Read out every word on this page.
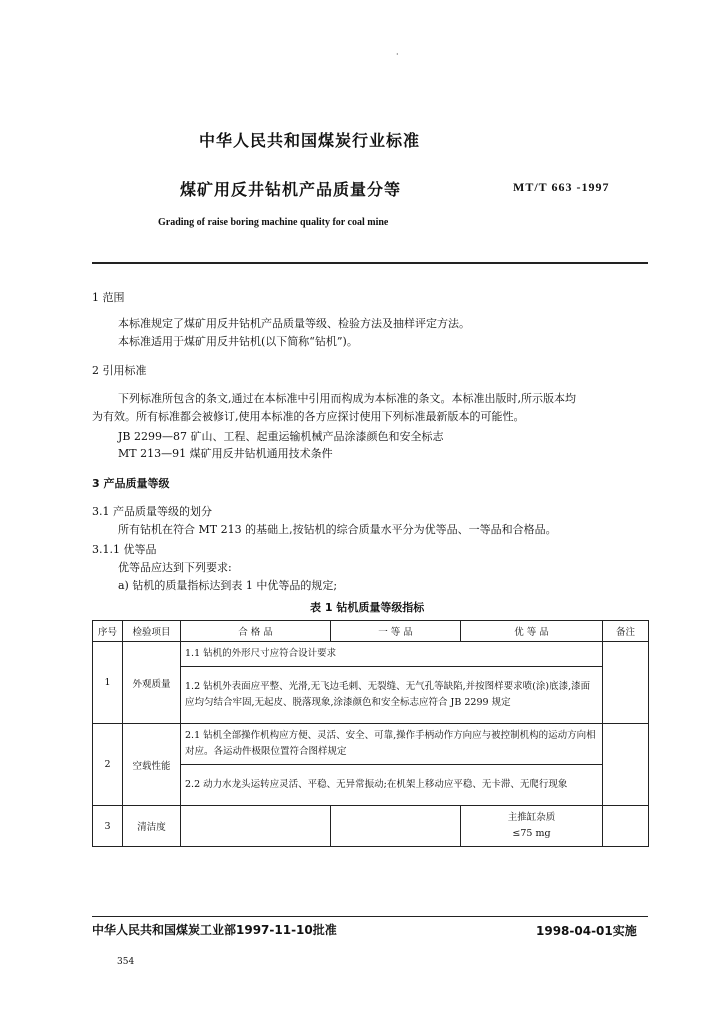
·
中华人民共和国煤炭行业标准
煤矿用反井钻机产品质量分等	MT/T 663 -1997
Grading of raise boring machine quality for coal mine
1 范围
本标准规定了煤矿用反井钻机产品质量等级、检验方法及抽样评定方法。
本标准适用于煤矿用反井钻机(以下简称“钻机”)。
2 引用标准
下列标准所包含的条文,通过在本标准中引用而构成为本标准的条文。本标准出版时,所示版本均
为有效。所有标准都会被修订,使用本标准的各方应探讨使用下列标准最新版本的可能性。
JB 2299—87 矿山、工程、起重运输机械产品涂漆颜色和安全标志
MT 213—91 煤矿用反井钻机通用技术条件
3 产品质量等级
3.1 产品质量等级的划分
所有钻机在符合 MT 213 的基础上,按钻机的综合质量水平分为优等品、一等品和合格品。
3.1.1 优等品
优等品应达到下列要求:
a) 钻机的质量指标达到表 1 中优等品的规定;
表 1 钻机质量等级指标
序号	检验项目	合 格 品	一 等 品	优 等 品	备注
1	外观质量	1.1 钻机的外形尺寸应符合设计要求			
		1.2 钻机外表面应平整、光滑,无飞边毛刺、无裂缝、无气孔等缺陷,并按图样要求喷(涂)底漆,漆面应均匀结合牢固,无起皮、脱落现象,涂漆颜色和安全标志应符合 JB 2299 规定			
2	空载性能	2.1 钻机全部操作机构应方便、灵活、安全、可靠,操作手柄动作方向应与被控制机构的运动方向相对应。各运动件极限位置符合图样规定			
		2.2 动力水龙头运转应灵活、平稳、无异常振动;在机架上移动应平稳、无卡滞、无爬行现象			
3	清洁度			主推缸杂质
≤75 mg	

中华人民共和国煤炭工业部1997-11-10批准	1998-04-01实施
354
